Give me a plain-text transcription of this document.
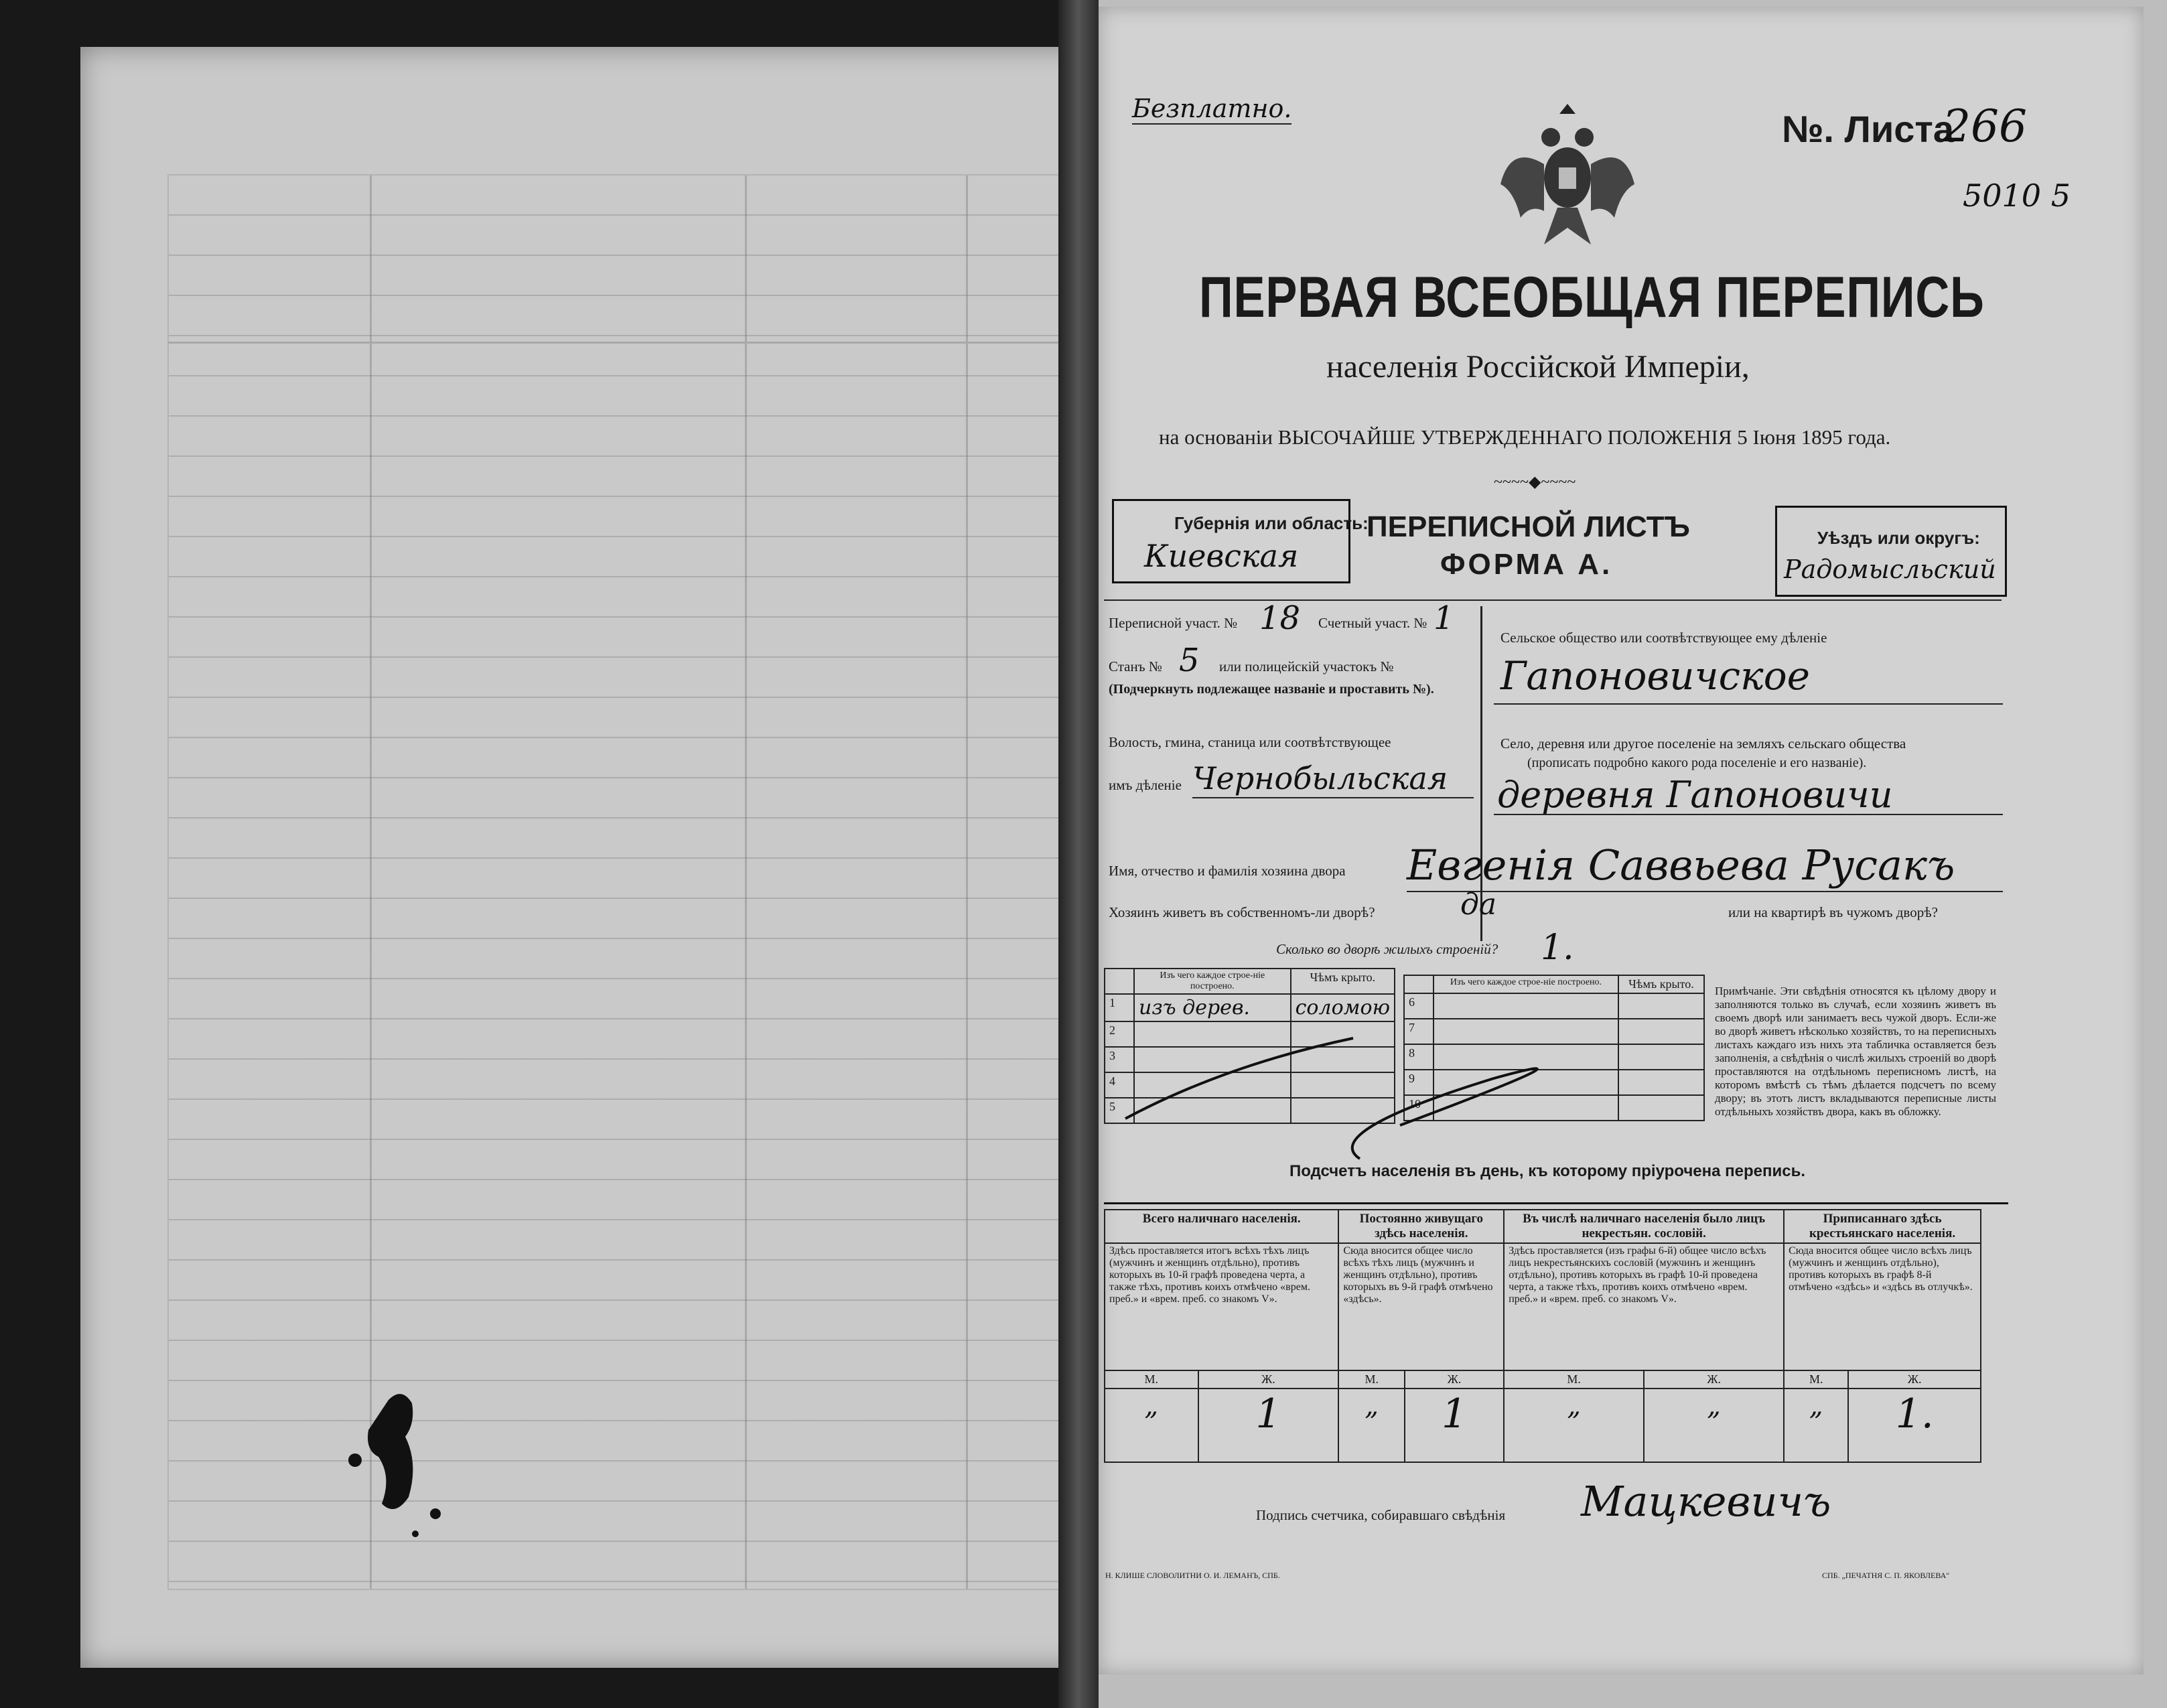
Безплатно.	№. Листа
266
5010 5
ПЕРВАЯ ВСЕОБЩАЯ ПЕРЕПИСЬ
населенія Россійской Имперіи,
на основаніи ВЫСОЧАЙШЕ УТВЕРЖДЕННАГО ПОЛОЖЕНІЯ 5 Іюня 1895 года.
~~~~◆~~~~
Губернія или область:
Киевская
ПЕРЕПИСНОЙ ЛИСТЪ
ФОРМА А.
Уѣздъ или округъ:
Радомысльский
Переписной участ. № 18 Счетный участ. № 1
Станъ № 5 или полицейскій участокъ №
(Подчеркнуть подлежащее названіе и проставить №).
Волость, гмина, станица или соотвѣтствующее
имъ дѣленіе Чернобыльская
Сельское общество или соотвѣтствующее ему дѣленіе
Гапоновичское
Село, деревня или другое поселеніе на земляхъ сельскаго общества
(прописать подробно какого рода поселеніе и его названіе).
деревня Гапоновичи
Имя, отчество и фамилія хозяина двора Евгенія Саввьева Русакъ
Хозяинъ живетъ въ собственномъ-ли дворѣ?	да	или на квартирѣ въ чужомъ дворѣ?
Сколько во дворѣ жилыхъ строеній? 1.
	Изъ чего каждое строе-ніе построено.	Чѣмъ крыто.
1	изъ дерев.	соломою
2		
3		
4		
5		
	Изъ чего каждое строе-ніе построено.	Чѣмъ крыто.
6		
7		
8		
9		
10		
Примѣчаніе. Эти свѣдѣнія относятся къ цѣлому двору и заполняются только въ случаѣ, если хозяинъ живетъ въ своемъ дворѣ или занимаетъ весь чужой дворъ. Если-же во дворѣ живетъ нѣсколько хозяйствъ, то на переписныхъ листахъ каждаго изъ нихъ эта табличка оставляется безъ заполненія, а свѣдѣнія о числѣ жилыхъ строеній во дворѣ проставляются на отдѣльномъ переписномъ листѣ, на которомъ вмѣстѣ съ тѣмъ дѣлается подсчетъ по всему двору; въ этотъ листъ вкладываются переписные листы отдѣльныхъ хозяйствъ двора, какъ въ обложку.
Подсчетъ населенія въ день, къ которому пріурочена перепись.
Всего наличнаго населенія.		Постоянно живущаго здѣсь населенія.		Въ числѣ наличнаго населенія было лицъ некрестьян. сословій.		Приписаннаго здѣсь крестьянскаго населенія.	
Здѣсь проставляется итогъ всѣхъ тѣхъ лицъ (мужчинъ и женщинъ отдѣльно), противъ которыхъ въ 10-й графѣ проведена черта, а также тѣхъ, противъ коихъ отмѣчено «врем. преб.» и «врем. преб. со знакомъ V».		Сюда вносится общее число всѣхъ тѣхъ лицъ (мужчинъ и женщинъ отдѣльно), противъ которыхъ въ 9-й графѣ отмѣчено «здѣсь».		Здѣсь проставляется (изъ графы 6-й) общее число всѣхъ лицъ некрестьянскихъ сословій (мужчинъ и женщинъ отдѣльно), противъ которыхъ въ графѣ 10-й проведена черта, а также тѣхъ, противъ коихъ отмѣчено «врем. преб.» и «врем. преб. со знакомъ V».		Сюда вносится общее число всѣхъ лицъ (мужчинъ и женщинъ отдѣльно), противъ которыхъ въ графѣ 8-й отмѣчено «здѣсь» и «здѣсь въ отлучкѣ».	
М.	Ж.	М.	Ж.	М.	Ж.	М.	Ж.
„	1	„	1	„	„	„	1.
Подпись счетчика, собиравшаго свѣдѣнія Мацкевичъ
Н. КЛИШЕ СЛОВОЛИТНИ О. И. ЛЕМАНЪ, СПБ.	СПБ. „ПЕЧАТНЯ С. П. ЯКОВЛЕВА"
